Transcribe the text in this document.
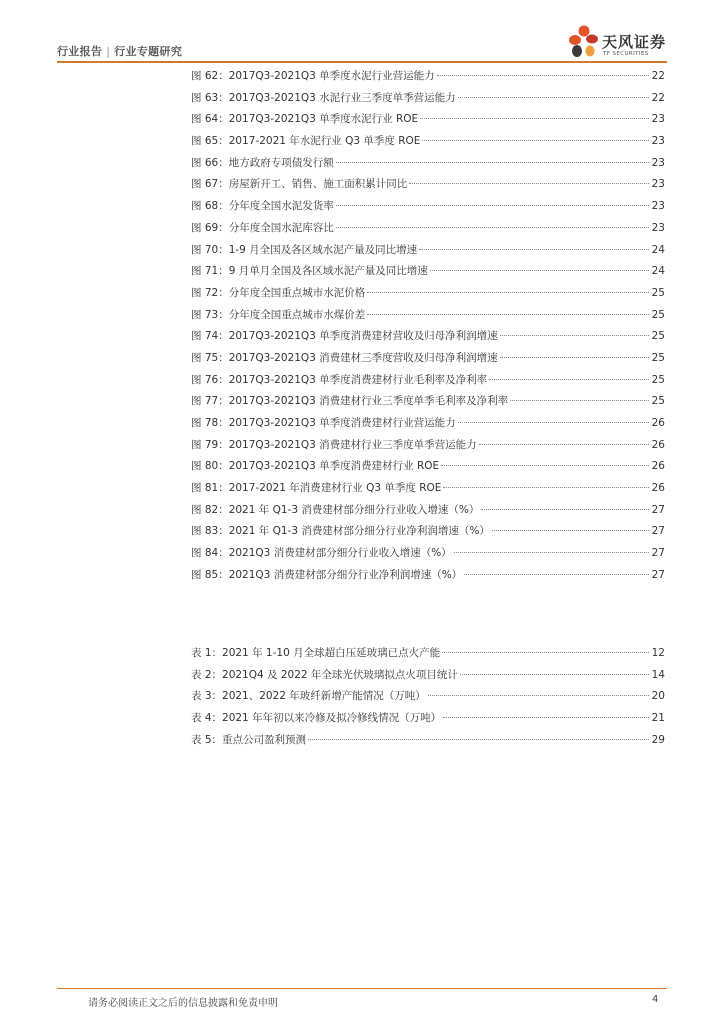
行业报告 | 行业专题研究
天风证券
TF SECURITIES
图 62：2017Q3-2021Q3 单季度水泥行业营运能力	22
图 63：2017Q3-2021Q3 水泥行业三季度单季营运能力	22
图 64：2017Q3-2021Q3 单季度水泥行业 ROE	23
图 65：2017-2021 年水泥行业 Q3 单季度 ROE	23
图 66：地方政府专项债发行额	23
图 67：房屋新开工、销售、施工面积累计同比	23
图 68：分年度全国水泥发货率	23
图 69：分年度全国水泥库容比	23
图 70：1-9 月全国及各区域水泥产量及同比增速	24
图 71：9 月单月全国及各区域水泥产量及同比增速	24
图 72：分年度全国重点城市水泥价格	25
图 73：分年度全国重点城市水煤价差	25
图 74：2017Q3-2021Q3 单季度消费建材营收及归母净利润增速	25
图 75：2017Q3-2021Q3 消费建材三季度营收及归母净利润增速	25
图 76：2017Q3-2021Q3 单季度消费建材行业毛利率及净利率	25
图 77：2017Q3-2021Q3 消费建材行业三季度单季毛利率及净利率	25
图 78：2017Q3-2021Q3 单季度消费建材行业营运能力	26
图 79：2017Q3-2021Q3 消费建材行业三季度单季营运能力	26
图 80：2017Q3-2021Q3 单季度消费建材行业 ROE	26
图 81：2017-2021 年消费建材行业 Q3 单季度 ROE	26
图 82：2021 年 Q1-3 消费建材部分细分行业收入增速（%）	27
图 83：2021 年 Q1-3 消费建材部分细分行业净利润增速（%）	27
图 84：2021Q3 消费建材部分细分行业收入增速（%）	27
图 85：2021Q3 消费建材部分细分行业净利润增速（%）	27
表 1：2021 年 1-10 月全球超白压延玻璃已点火产能	12
表 2：2021Q4 及 2022 年全球光伏玻璃拟点火项目统计	14
表 3：2021、2022 年玻纤新增产能情况（万吨）	20
表 4：2021 年年初以来冷修及拟冷修线情况（万吨）	21
表 5：重点公司盈利预测	29
请务必阅读正文之后的信息披露和免责申明	4
